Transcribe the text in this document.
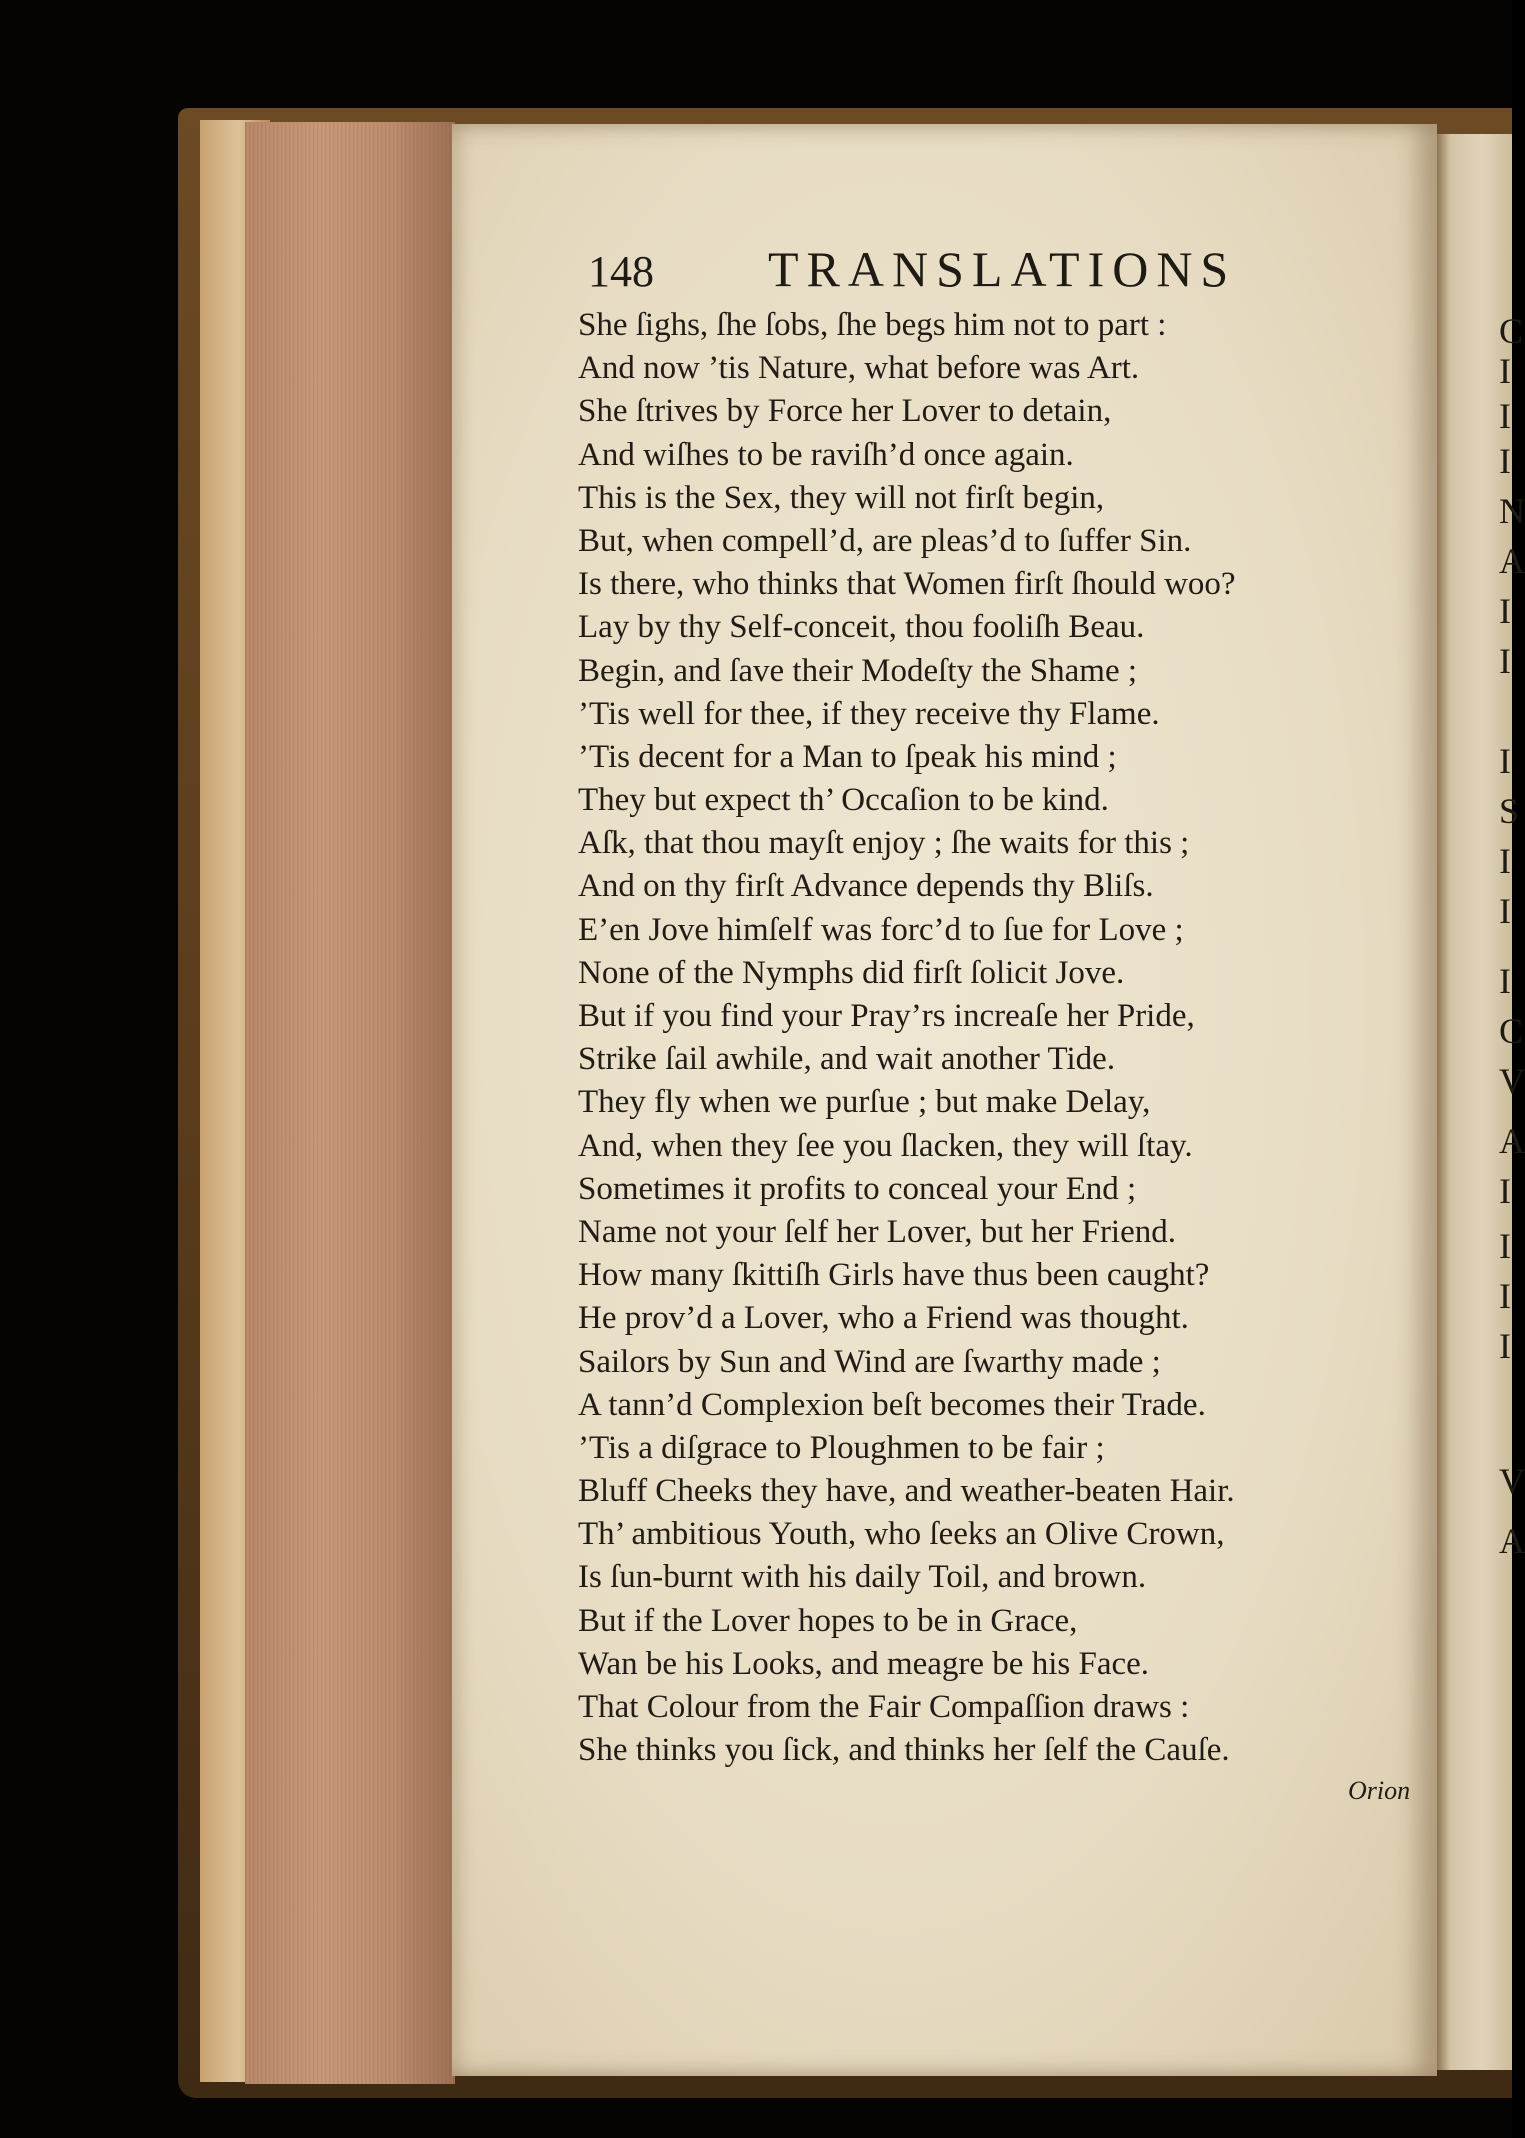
C

I

I

I

N

A

I

I

I

S

I

I

I

C

V

A

I

I

I

I

V

A

148 TRANSLATIONS
She ſighs, ſhe ſobs, ſhe begs him not to part :
And now ’tis Nature, what before was Art.
She ſtrives by Force her Lover to detain,
And wiſhes to be raviſh’d once again.
This is the Sex, they will not firſt begin,
But, when compell’d, are pleas’d to ſuffer Sin.
Is there, who thinks that Women firſt ſhould woo?
Lay by thy Self-conceit, thou fooliſh Beau.
Begin, and ſave their Modeſty the Shame ;
’Tis well for thee, if they receive thy Flame.
’Tis decent for a Man to ſpeak his mind ;
They but expect th’ Occaſion to be kind.
Aſk, that thou mayſt enjoy ; ſhe waits for this ;
And on thy firſt Advance depends thy Bliſs.
E’en Jove himſelf was forc’d to ſue for Love ;
None of the Nymphs did firſt ſolicit Jove.
But if you find your Pray’rs increaſe her Pride,
Strike ſail awhile, and wait another Tide.
They fly when we purſue ; but make Delay,
And, when they ſee you ſlacken, they will ſtay.
Sometimes it profits to conceal your End ;
Name not your ſelf her Lover, but her Friend.
How many ſkittiſh Girls have thus been caught?
He prov’d a Lover, who a Friend was thought.
Sailors by Sun and Wind are ſwarthy made ;
A tann’d Complexion beſt becomes their Trade.
’Tis a diſgrace to Ploughmen to be fair ;
Bluff Cheeks they have, and weather-beaten Hair.
Th’ ambitious Youth, who ſeeks an Olive Crown,
Is ſun-burnt with his daily Toil, and brown.
But if the Lover hopes to be in Grace,
Wan be his Looks, and meagre be his Face.
That Colour from the Fair Compaſſion draws :
She thinks you ſick, and thinks her ſelf the Cauſe.

Orion
